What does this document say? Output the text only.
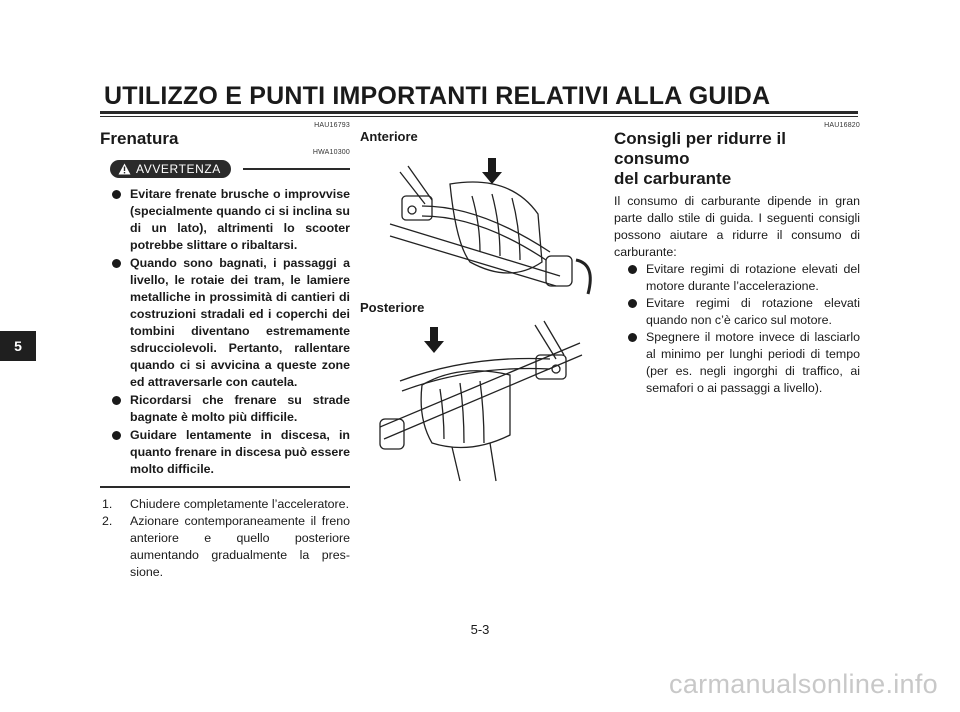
UTILIZZO E PUNTI IMPORTANTI RELATIVI ALLA GUIDA
5
HAU16793
Frenatura
HWA10300
AVVERTENZA
Evitare frenate brusche o improvvise (specialmente quando ci si inclina su di un lato), altrimenti lo scooter potrebbe slittare o ribaltarsi.
Quando sono bagnati, i passaggi a livello, le rotaie dei tram, le lamiere metalliche in prossimità di cantieri di costruzioni stradali ed i coperchi dei tombini diventano estremamente sdrucciolevoli. Pertanto, rallentare quando ci si avvicina a queste zone ed attraversarle con cautela.
Ricordarsi che frenare su strade bagnate è molto più difficile.
Guidare lentamente in discesa, in quanto frenare in discesa può essere molto difficile.
1. Chiudere completamente l’acceleratore.
2. Azionare contemporaneamente il freno anteriore e quello posteriore aumentando gradualmente la pressione.
Anteriore
Posteriore
HAU16820
Consigli per ridurre il consumo
del carburante
Il consumo di carburante dipende in gran parte dallo stile di guida. I seguenti consigli possono aiutare a ridurre il consumo di carburante:
Evitare regimi di rotazione elevati del motore durante l’accelerazione.
Evitare regimi di rotazione elevati quando non c’è carico sul motore.
Spegnere il motore invece di lasciarlo al minimo per lunghi periodi di tempo (per es. negli ingorghi di traffico, ai semafori o ai passaggi a livello).
5-3
carmanualsonline.info
